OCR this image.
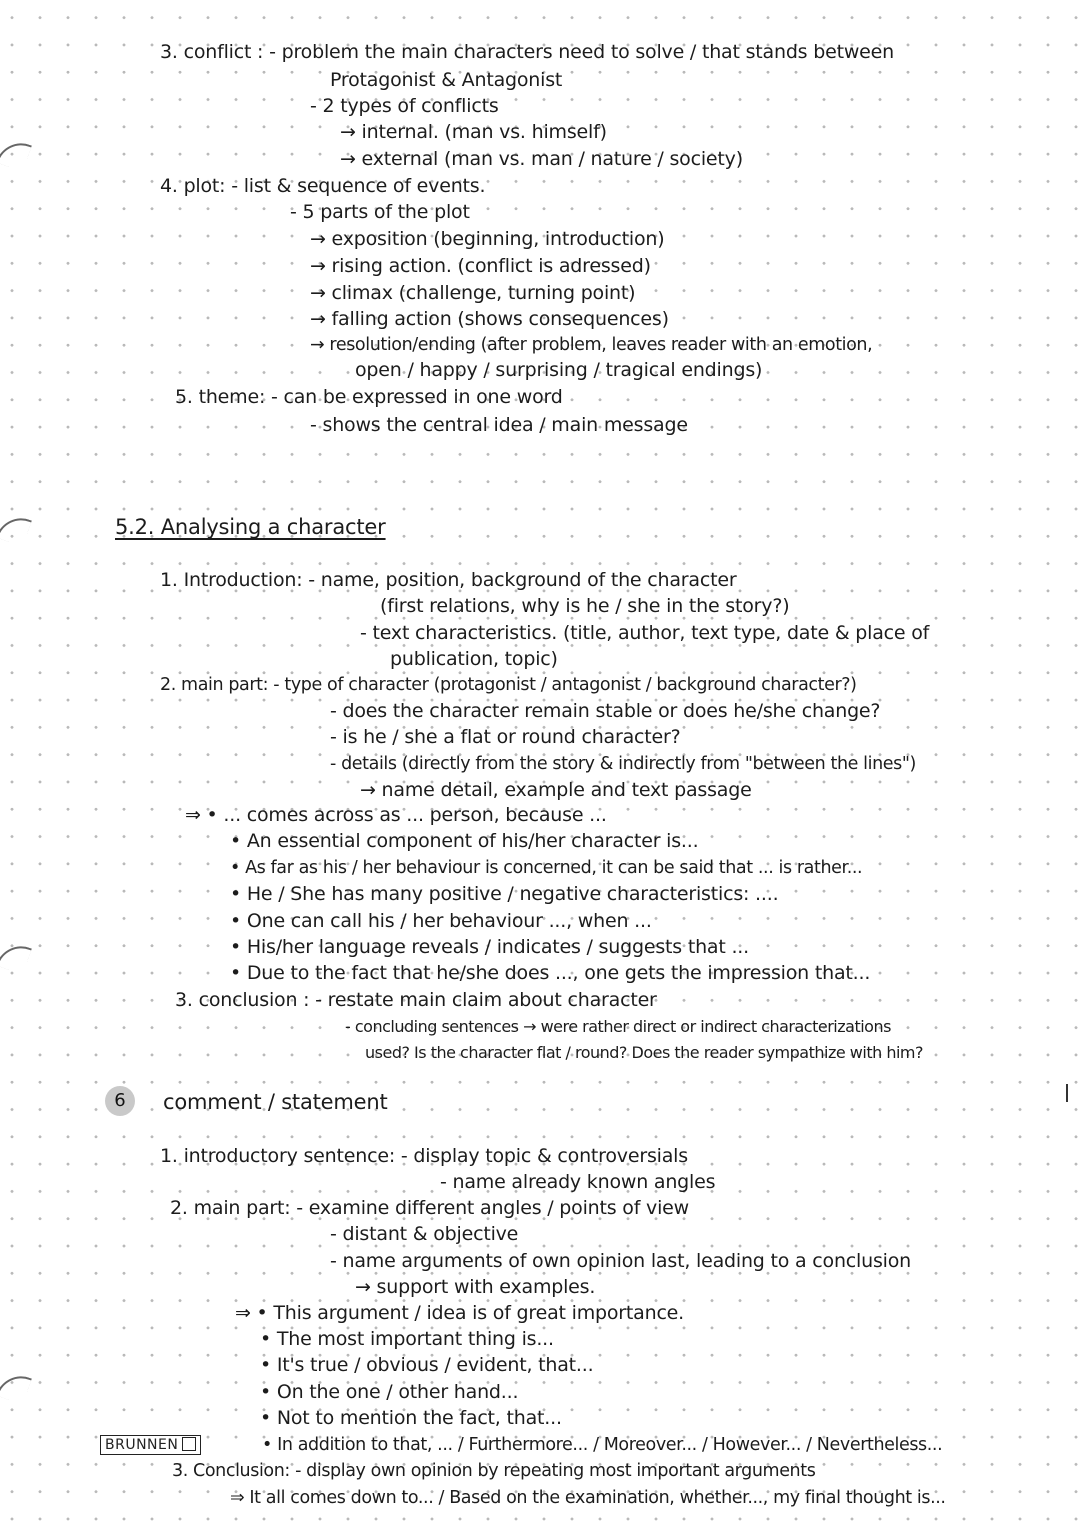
3. conflict : - problem the main characters need to solve / that stands between
Protagonist & Antagonist
- 2 types of conflicts
→ internal. (man vs. himself)
→ external (man vs. man / nature / society)
4. plot: - list & sequence of events.
- 5 parts of the plot
→ exposition (beginning, introduction)
→ rising action. (conflict is adressed)
→ climax (challenge, turning point)
→ falling action (shows consequences)
→ resolution/ending (after problem, leaves reader with an emotion,
open / happy / surprising / tragical endings)
5. theme: - can be expressed in one word
- shows the central idea / main message
5.2. Analysing a character
1. Introduction: - name, position, background of the character
(first relations, why is he / she in the story?)
- text characteristics. (title, author, text type, date & place of
publication, topic)
2. main part: - type of character (protagonist / antagonist / background character?)
- does the character remain stable or does he/she change?
- is he / she a flat or round character?
- details (directly from the story & indirectly from "between the lines")
→ name detail, example and text passage
⇒ • ... comes across as ... person, because ...
• An essential component of his/her character is...
• As far as his / her behaviour is concerned, it can be said that ... is rather...
• He / She has many positive / negative characteristics: ....
• One can call his / her behaviour ..., when ...
• His/her language reveals / indicates / suggests that ...
• Due to the fact that he/she does ..., one gets the impression that...
3. conclusion : - restate main claim about character
- concluding sentences → were rather direct or indirect characterizations
used? Is the character flat / round? Does the reader sympathize with him?
6	comment / statement
1. introductory sentence: - display topic & controversials
- name already known angles
2. main part: - examine different angles / points of view
- distant & objective
- name arguments of own opinion last, leading to a conclusion
→ support with examples.
⇒ • This argument / idea is of great importance.
• The most important thing is...
• It's true / obvious / evident, that...
• On the one / other hand...
• Not to mention the fact, that...
• In addition to that, ... / Furthermore... / Moreover... / However... / Nevertheless...
3. Conclusion: - display own opinion by repeating most important arguments
⇒ It all comes down to... / Based on the examination, whether..., my final thought is...
BRUNNEN
